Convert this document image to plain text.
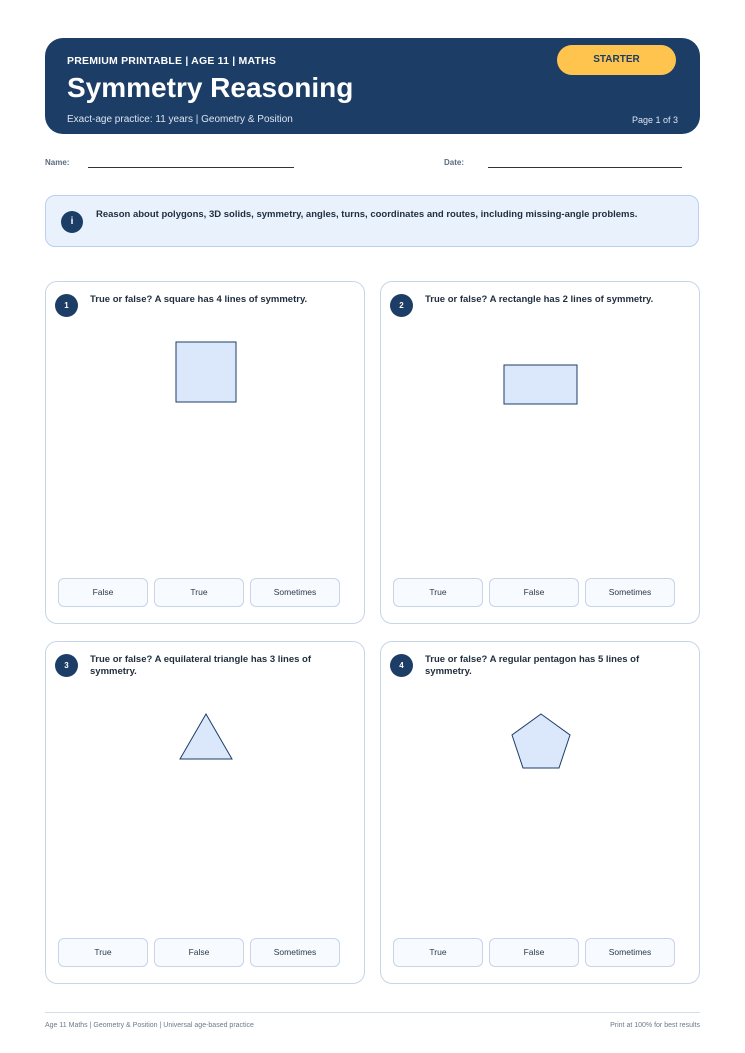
PREMIUM PRINTABLE | AGE 11 | MATHS
Symmetry Reasoning
Exact-age practice: 11 years | Geometry & Position	Page 1 of 3
STARTER
Name:	Date:
i
Reason about polygons, 3D solids, symmetry, angles, turns, coordinates and routes, including missing-angle problems.
1
True or false? A square has 4 lines of symmetry.
False	True	Sometimes
2
True or false? A rectangle has 2 lines of symmetry.
True	False	Sometimes
3
True or false? A equilateral triangle has 3 lines of symmetry.
True	False	Sometimes
4
True or false? A regular pentagon has 5 lines of symmetry.
True	False	Sometimes
Age 11 Maths | Geometry & Position | Universal age-based practice	Print at 100% for best results
